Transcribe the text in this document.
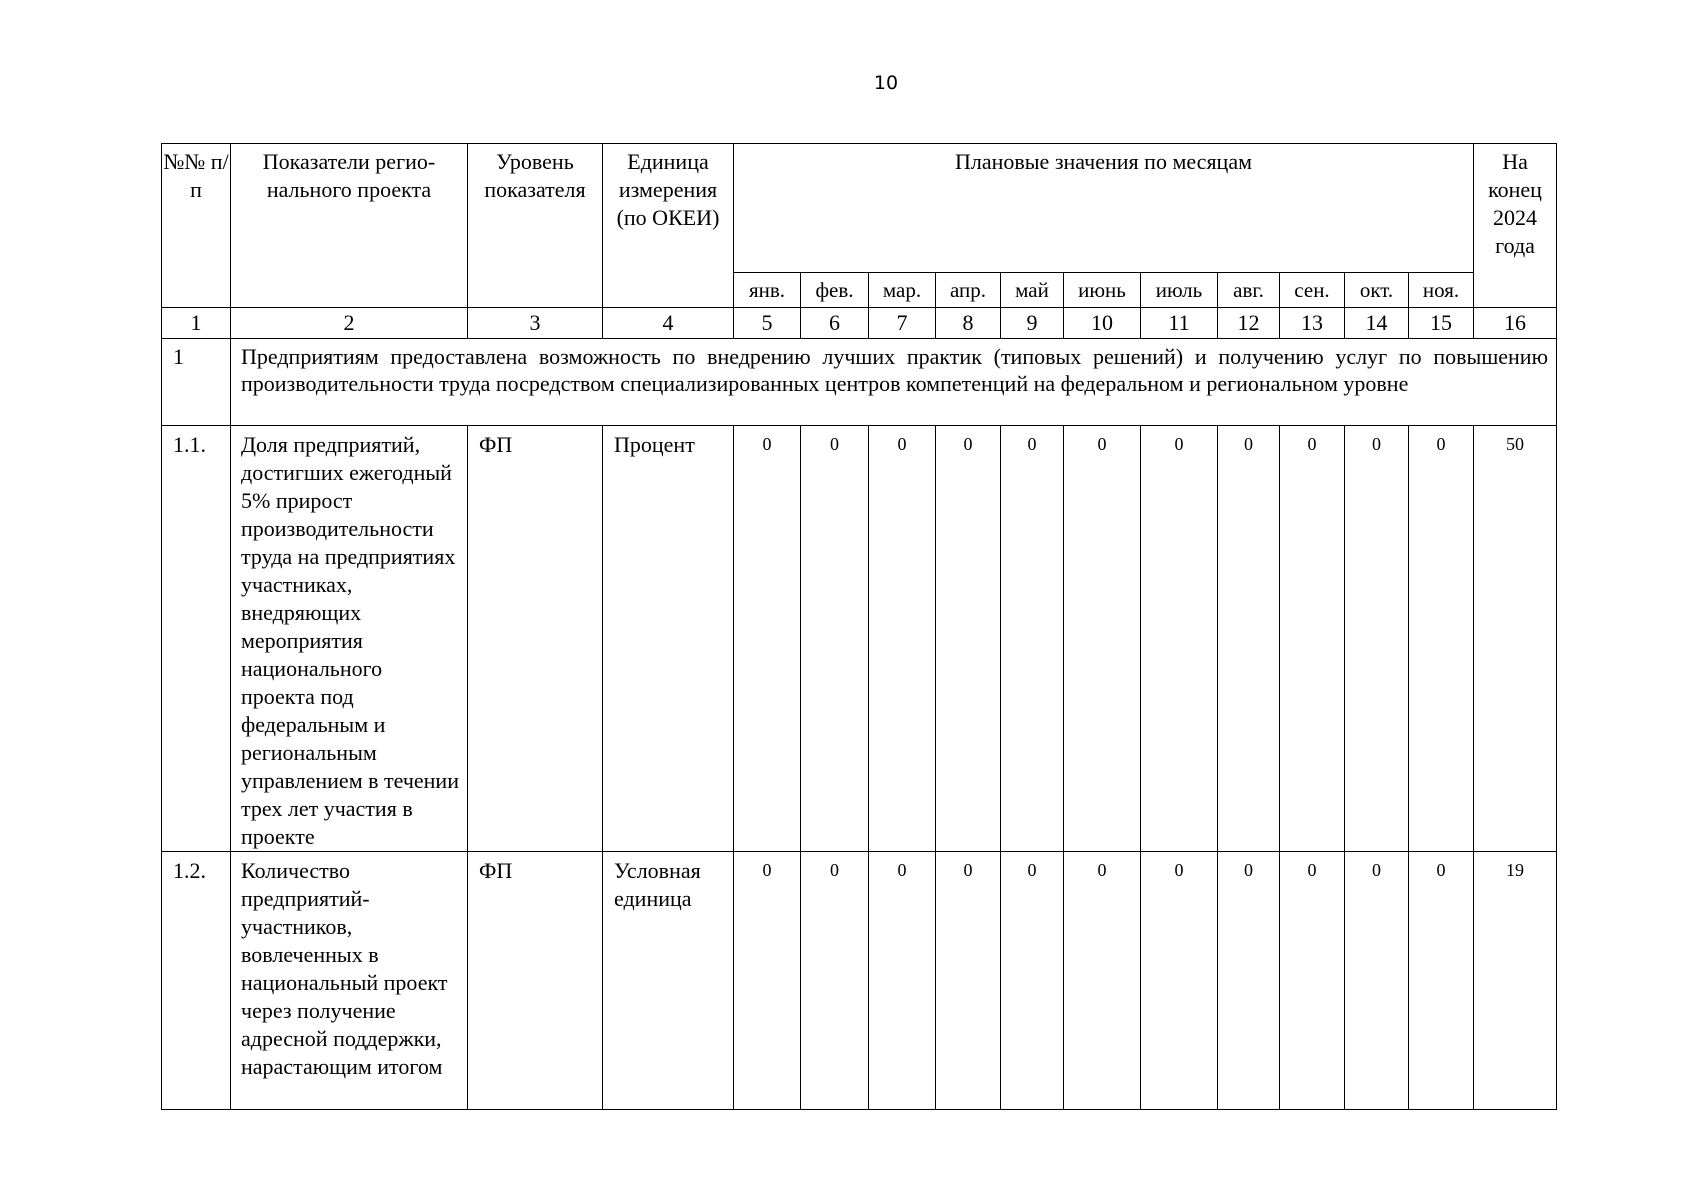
10
№№ п/п	Показатели регио-нального проекта	Уровень показателя	Единица измерения (по ОКЕИ)	Плановые значения по месяцам											На конец 2024 года

				янв.	фев.	мар.	апр.	май	июнь	июль	авг.	сен.	окт.	ноя.	
1	2	3	4	5	6	7	8	9	10	11	12	13	14	15	16
1	Предприятиям предоставлена возможность по внедрению лучших практик (типовых решений) и получению услуг по повышению производительности труда посредством специализированных центров компетенций на федеральном и региональном уровне														
1.1.	Доля предприятий, достигших ежегодный 5% прирост производительности труда на предприятиях участниках, внедряющих мероприятия национального проекта под федеральным и региональным управлением в течении трех лет участия в проекте	ФП	Процент	0	0	0	0	0	0	0	0	0	0	0	50
1.2.	Количество предприятий-участников, вовлеченных в национальный проект через получение адресной поддержки, нарастающим итогом	ФП	Условная единица	0	0	0	0	0	0	0	0	0	0	0	19
